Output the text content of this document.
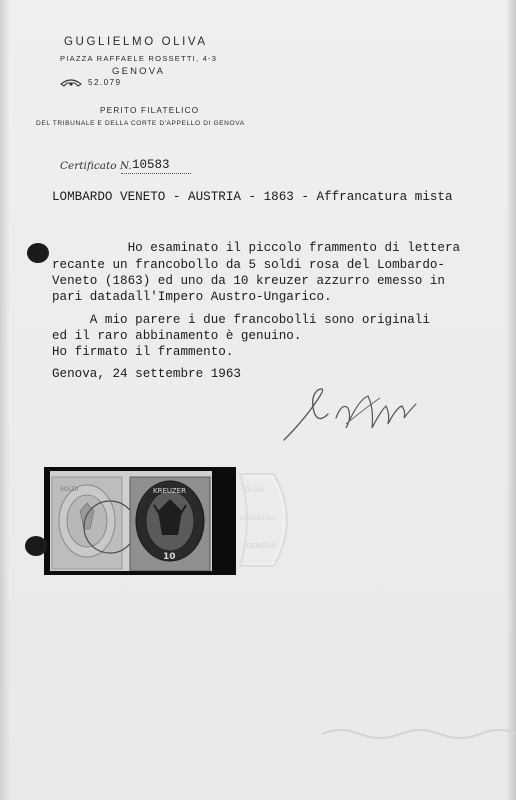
GUGLIELMO OLIVA
PIAZZA RAFFAELE ROSSETTI, 4-3
GENOVA
52.079
PERITO FILATELICO
DEL TRIBUNALE E DELLA CORTE D'APPELLO DI GENOVA
Certificato N. 10583
LOMBARDO VENETO - AUSTRIA - 1863 - Affrancatura mista
Ho esaminato il piccolo frammento di lettera
recante un francobollo da 5 soldi rosa del Lombardo-
Veneto (1863) ed uno da 10 kreuzer azzurro emesso in
pari datadall'Impero Austro-Ungarico.
A mio parere i due francobolli sono originali
ed il raro abbinamento è genuino.
Ho firmato il frammento.
Genova, 24 settembre 1963
SOLDI	KREUZER
10
OLIVA
GUGLIELMO
GENOVA
